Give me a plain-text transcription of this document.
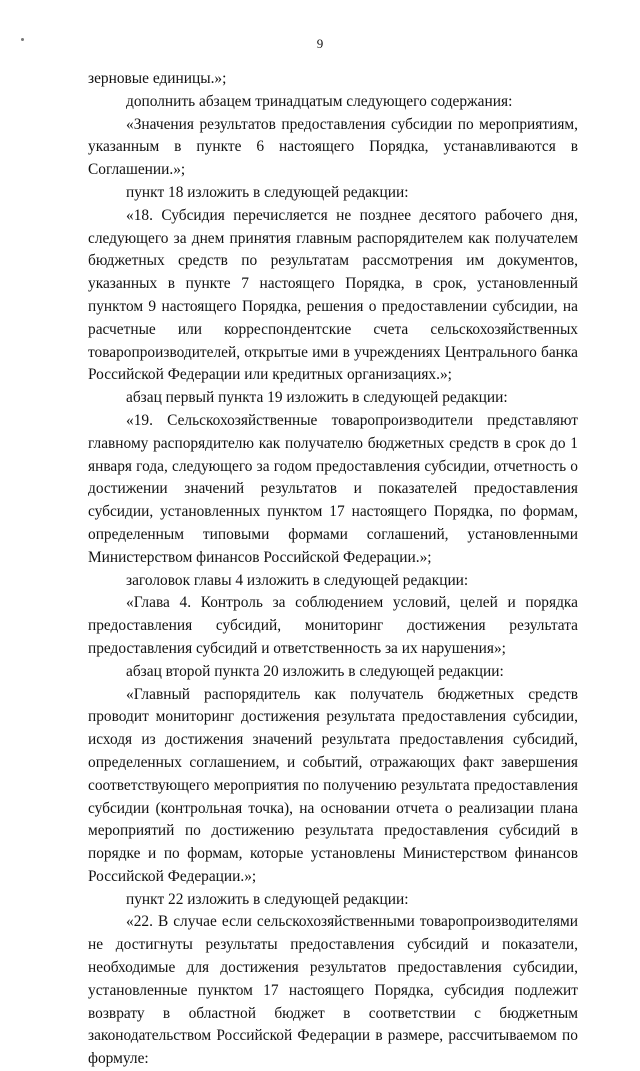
9

зерновые единицы.»;

дополнить абзацем тринадцатым следующего содержания:

«Значения результатов предоставления субсидии по мероприятиям, указанным в пункте 6 настоящего Порядка, устанавливаются в Соглашении.»;

пункт 18 изложить в следующей редакции:

«18. Субсидия перечисляется не позднее десятого рабочего дня, следующего за днем принятия главным распорядителем как получателем бюджетных средств по результатам рассмотрения им документов, указанных в пункте 7 настоящего Порядка, в срок, установленный пунктом 9 настоящего Порядка, решения о предоставлении субсидии, на расчетные или корреспондентские счета сельскохозяйственных товаропроизводителей, открытые ими в учреждениях Центрального банка Российской Федерации или кредитных организациях.»;

абзац первый пункта 19 изложить в следующей редакции:

«19. Сельскохозяйственные товаропроизводители представляют главному распорядителю как получателю бюджетных средств в срок до 1 января года, следующего за годом предоставления субсидии, отчетность о достижении значений результатов и показателей предоставления субсидии, установленных пунктом 17 настоящего Порядка, по формам, определенным типовыми формами соглашений, установленными Министерством финансов Российской Федерации.»;

заголовок главы 4 изложить в следующей редакции:

«Глава 4. Контроль за соблюдением условий, целей и порядка предоставления субсидий, мониторинг достижения результата предоставления субсидий и ответственность за их нарушения»;

абзац второй пункта 20 изложить в следующей редакции:

«Главный распорядитель как получатель бюджетных средств проводит мониторинг достижения результата предоставления субсидии, исходя из достижения значений результата предоставления субсидий, определенных соглашением, и событий, отражающих факт завершения соответствующего мероприятия по получению результата предоставления субсидии (контрольная точка), на основании отчета о реализации плана мероприятий по достижению результата предоставления субсидий в порядке и по формам, которые установлены Министерством финансов Российской Федерации.»;

пункт 22 изложить в следующей редакции:

«22. В случае если сельскохозяйственными товаропроизводителями не достигнуты результаты предоставления субсидий и показатели, необходимые для достижения результатов предоставления субсидии, установленные пунктом 17 настоящего Порядка, субсидия подлежит возврату в областной бюджет в соответствии с бюджетным законодательством Российской Федерации в размере, рассчитываемом по формуле:
